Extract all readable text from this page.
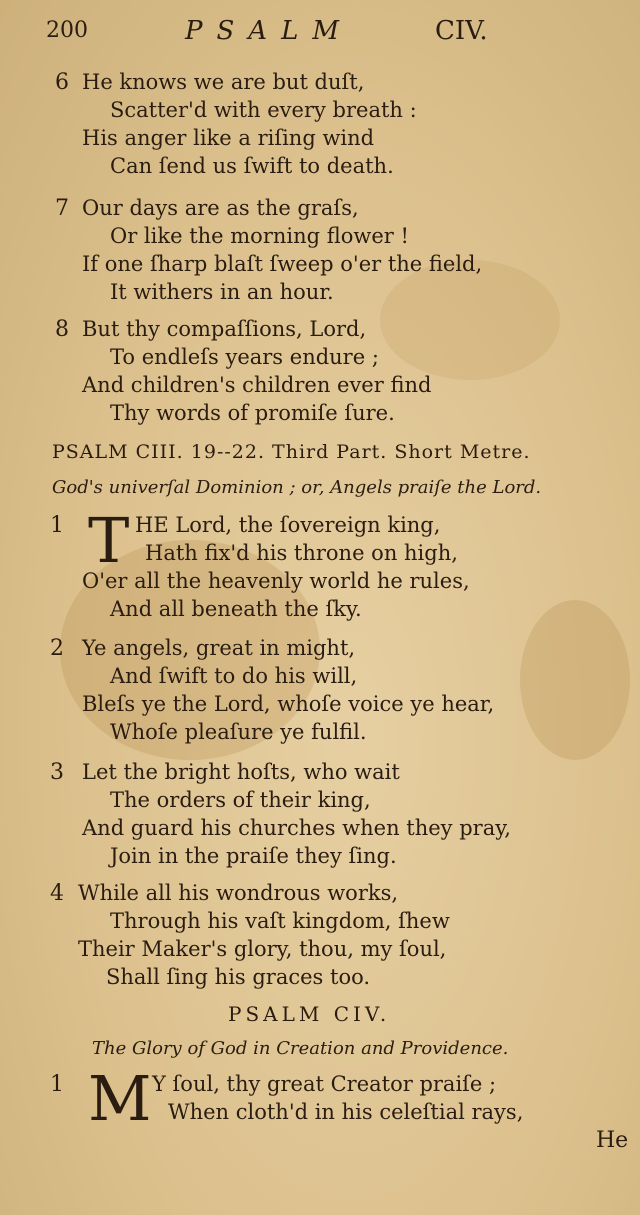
200	PSALM	CIV.
6 He knows we are but duſt,
Scatter'd with every breath :
His anger like a riſing wind
Can ſend us ſwift to death.
7 Our days are as the graſs,
Or like the morning flower !
If one ſharp blaſt ſweep o'er the field,
It withers in an hour.
8 But thy compaſſions, Lord,
To endleſs years endure ;
And children's children ever find
Thy words of promiſe ſure.
PSALM CIII. 19--22. Third Part. Short Metre.
God's univerſal Dominion ; or, Angels praiſe the Lord.
1 T HE Lord, the ſovereign king,
Hath fix'd his throne on high,
O'er all the heavenly world he rules,
And all beneath the ſky.
2 Ye angels, great in might,
And ſwift to do his will,
Bleſs ye the Lord, whoſe voice ye hear,
Whoſe pleaſure ye fulfil.
3 Let the bright hoſts, who wait
The orders of their king,
And guard his churches when they pray,
Join in the praiſe they ſing.
4 While all his wondrous works,
Through his vaſt kingdom, ſhew
Their Maker's glory, thou, my ſoul,
Shall ſing his graces too.
PSALM CIV.
The Glory of God in Creation and Providence.
1 M Y ſoul, thy great Creator praiſe ;
When cloth'd in his celeſtial rays,
He
